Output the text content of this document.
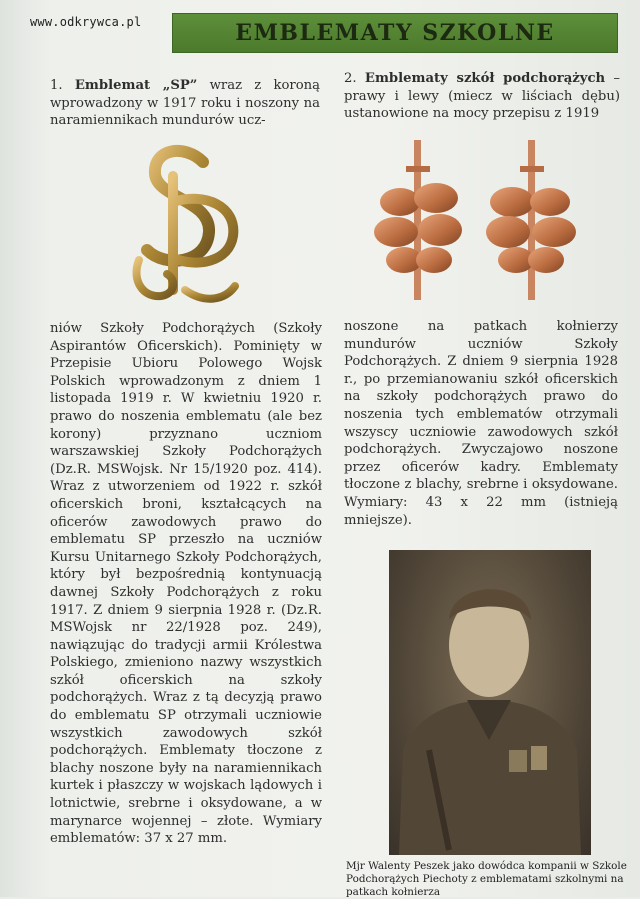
www.odkrywca.pl	EMBLEMATY SZKOLNE

1. Emblemat „SP” wraz z koroną wprowadzony w 1917 roku i noszony na naramiennikach mundurów ucz-

2. Emblematy szkół podchorążych – prawy i lewy (miecz w liściach dębu) ustanowione na mocy przepisu z 1919

niów Szkoły Podchorążych (Szkoły Aspirantów Oficerskich). Pominięty w Przepisie Ubioru Polowego Wojsk Polskich wprowadzonym z dniem 1 listopada 1919 r. W kwietniu 1920 r. prawo do noszenia emblematu (ale bez korony) przyznano uczniom warszawskiej Szkoły Podchorążych (Dz.R. MSWojsk. Nr 15/1920 poz. 414). Wraz z utworzeniem od 1922 r. szkół oficerskich broni, kształcących na oficerów zawodowych prawo do emblematu SP przeszło na uczniów Kursu Unitarnego Szkoły Podchorążych, który był bezpośrednią kontynuacją dawnej Szkoły Podchorążych z roku 1917. Z dniem 9 sierpnia 1928 r. (Dz.R. MSWojsk nr 22/1928 poz. 249), nawiązując do tradycji armii Królestwa Polskiego, zmieniono nazwy wszystkich szkół oficerskich na szkoły podchorążych. Wraz z tą decyzją prawo do emblematu SP otrzymali uczniowie wszystkich zawodowych szkół podchorążych. Emblematy tłoczone z blachy noszone były na naramiennikach kurtek i płaszczy w wojskach lądowych i lotnictwie, srebrne i oksydowane, a w marynarce wojennej – złote. Wymiary emblematów: 37 x 27 mm.
noszone na patkach kołnierzy mundurów uczniów Szkoły Podchorążych. Z dniem 9 sierpnia 1928 r., po przemianowaniu szkół oficerskich na szkoły podchorążych prawo do noszenia tych emblematów otrzymali wszyscy uczniowie zawodowych szkół podchorążych. Zwyczajowo noszone przez oficerów kadry. Emblematy tłoczone z blachy, srebrne i oksydowane. Wymiary: 43 x 22 mm (istnieją mniejsze).
Mjr Walenty Peszek jako dowódca kompanii w Szkole Podchorążych Piechoty z emblematami szkolnymi na patkach kołnierza
